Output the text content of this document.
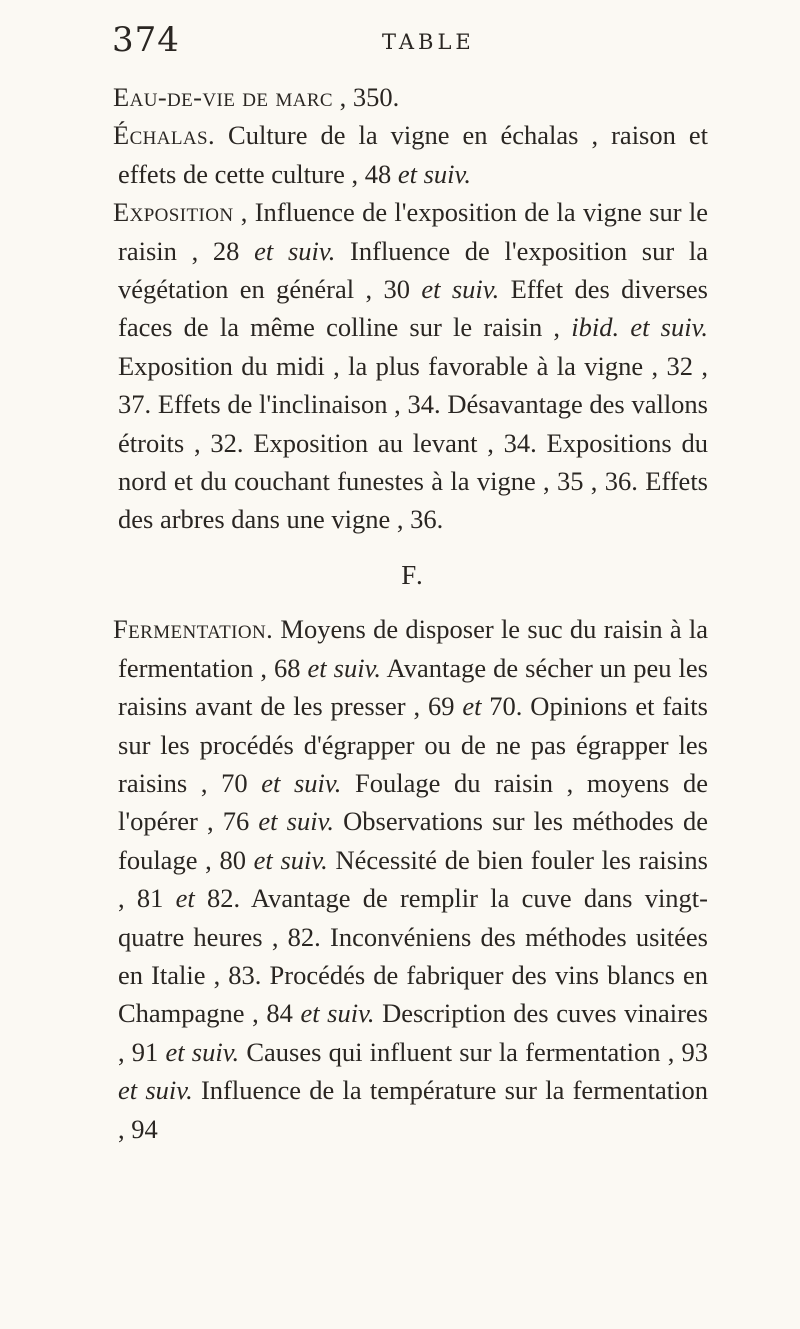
374	TABLE

Eau-de-vie de marc , 350.

Échalas. Culture de la vigne en échalas , raison et effets de cette culture , 48 et suiv.

Exposition , Influence de l'exposition de la vigne sur le raisin , 28 et suiv. Influence de l'exposition sur la végétation en général , 30 et suiv. Effet des diverses faces de la même colline sur le raisin , ibid. et suiv. Exposition du midi , la plus favorable à la vigne , 32 , 37. Effets de l'inclinaison , 34. Désavantage des vallons étroits , 32. Exposition au levant , 34. Expositions du nord et du couchant funestes à la vigne , 35 , 36. Effets des arbres dans une vigne , 36.

F.

Fermentation. Moyens de disposer le suc du raisin à la fermentation , 68 et suiv. Avantage de sécher un peu les raisins avant de les presser , 69 et 70. Opinions et faits sur les procédés d'égrapper ou de ne pas égrapper les raisins , 70 et suiv. Foulage du raisin , moyens de l'opérer , 76 et suiv. Observations sur les méthodes de foulage , 80 et suiv. Nécessité de bien fouler les raisins , 81 et 82. Avantage de remplir la cuve dans vingt-quatre heures , 82. Inconvéniens des méthodes usitées en Italie , 83. Procédés de fabriquer des vins blancs en Champagne , 84 et suiv. Description des cuves vinaires , 91 et suiv. Causes qui influent sur la fermentation , 93 et suiv. Influence de la température sur la fermentation , 94
